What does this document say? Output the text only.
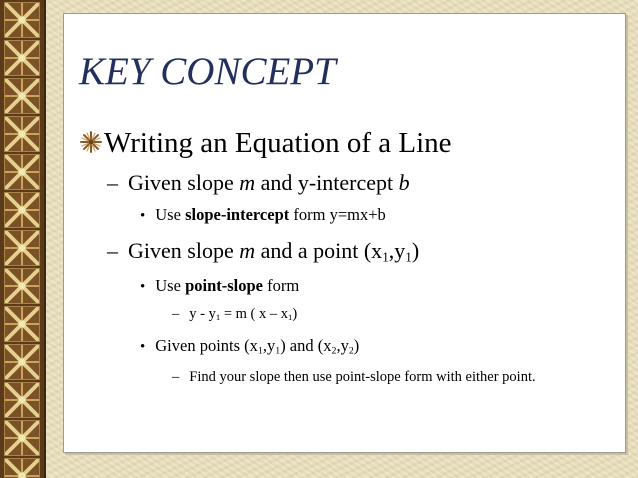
KEY CONCEPT
Writing an Equation of a Line
– Given slope m and y-intercept b
• Use slope-intercept form y=mx+b
– Given slope m and a point $(x_1,y_1)$
• Use point-slope form
– $y - y_1 = m$ ( x – $x_1$)
• Given points $(x_1,y_1)$ and $(x_2,y_2)$
– Find your slope then use point-slope form with either point.
